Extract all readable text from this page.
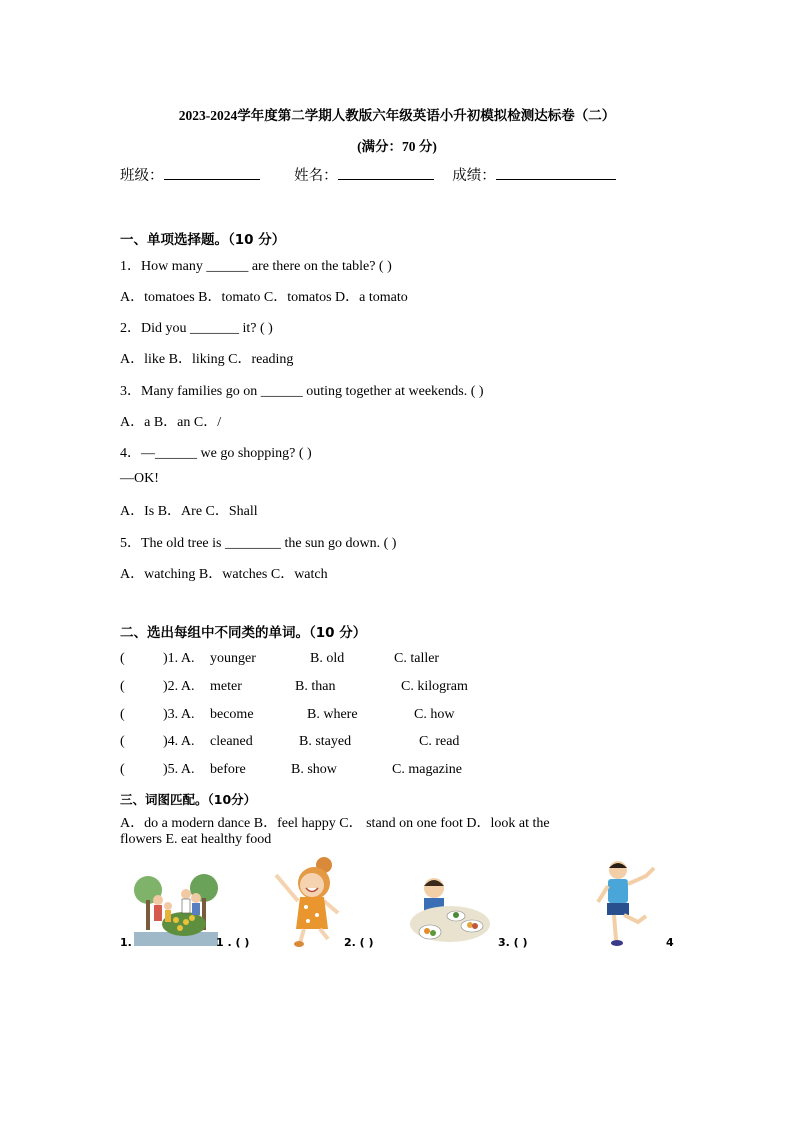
2023-2024学年度第二学期人教版六年级英语小升初模拟检测达标卷（二）
(满分：70 分)
班级：	姓名：	成绩：
一、单项选择题。（10 分）
1．How many ______ are there on the table? ( )
A．tomatoes B．tomato C．tomatos D．a tomato
2．Did you _______ it? ( )
A．like B．liking C．reading
3．Many families go on ______ outing together at weekends. ( )
A．a B．an C．/
4．—______ we go shopping? ( )
—OK!
A．Is B．Are C．Shall
5．The old tree is ________ the sun go down. ( )
A．watching B．watches C．watch
二、选出每组中不同类的单词。（10 分）
(	)1. A. younger	B. old	C. taller
(	)2. A. meter	B. than	C. kilogram
(	)3. A. become	B. where	C. how
(	)4. A. cleaned	B. stayed	C. read
(	)5. A. before	B. show	C. magazine
三、词图匹配。（10分）
A．do a modern dance B．feel happy C． stand on one foot D．look at the
flowers E. eat healthy food
1.	1 . ( )	2. ( )	3. ( )	4
